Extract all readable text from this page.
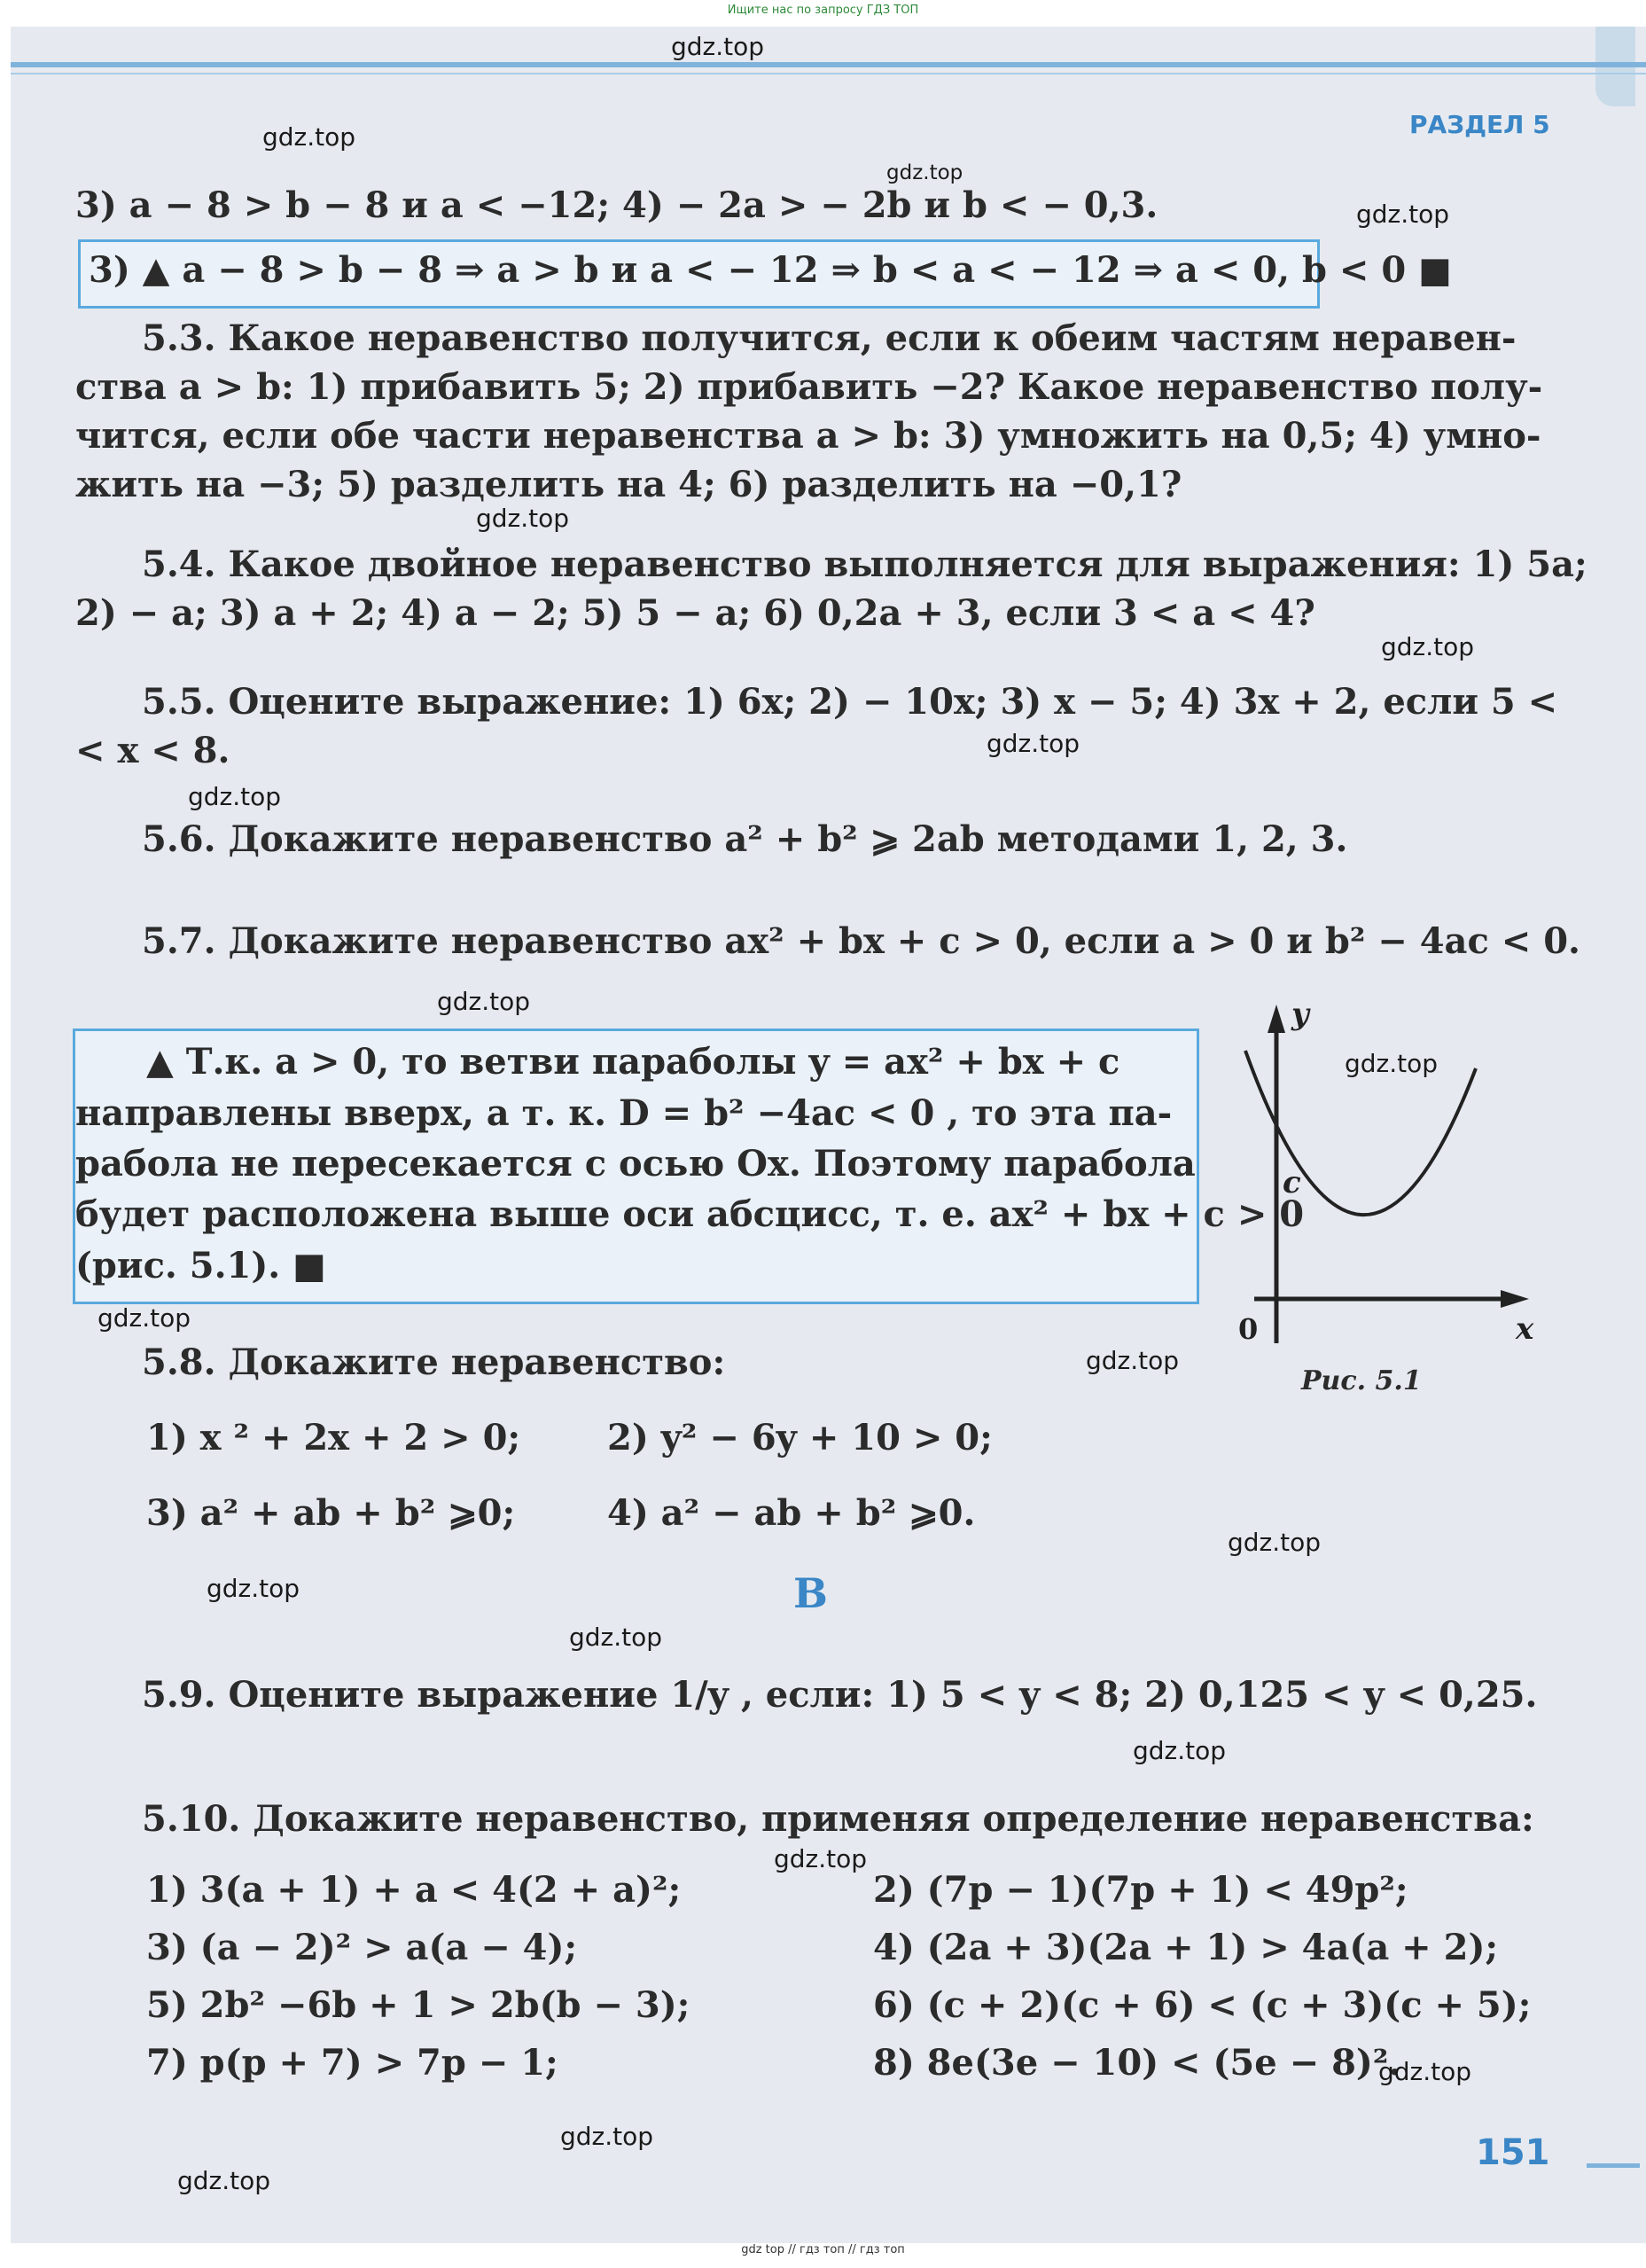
Ищите нас по запросу ГДЗ ТОП
РАЗДЕЛ 5
3) a − 8 > b − 8 и a < −12; 4) − 2a > − 2b и b < − 0,3.
3) ▲ a − 8 > b − 8 ⇒ a > b и a < − 12 ⇒ b < a < − 12 ⇒ a < 0, b < 0 ■
5.3. Какое неравенство получится, если к обеим частям неравен-
ства a > b: 1) прибавить 5; 2) прибавить −2? Какое неравенство полу-
чится, если обе части неравенства a > b: 3) умножить на 0,5; 4) умно-
жить на −3; 5) разделить на 4; 6) разделить на −0,1?
5.4. Какое двойное неравенство выполняется для выражения: 1) 5a;
2) − a; 3) a + 2; 4) a − 2; 5) 5 − a; 6) 0,2a + 3, если 3 < a < 4?
5.5. Оцените выражение: 1) 6x; 2) − 10x; 3) x − 5; 4) 3x + 2, если 5 <
< x < 8.
5.6. Докажите неравенство a² + b² ⩾ 2ab методами 1, 2, 3.
5.7. Докажите неравенство ax² + bx + c > 0, если a > 0 и b² − 4ac < 0.
▲ Т.к. a > 0, то ветви параболы y = ax² + bx + c
направлены вверх, а т. к. D = b² −4ac < 0 , то эта па-
рабола не пересекается с осью Ox. Поэтому парабола
будет расположена выше оси абсцисс, т. е. ax² + bx + c > 0
(рис. 5.1). ■
y
x
0
c
Рис. 5.1
5.8. Докажите неравенство:
1) x ² + 2x + 2 > 0;	2) y² − 6y + 10 > 0;
3) a² + ab + b² ⩾0;	4) a² − ab + b² ⩾0.
B
5.9. Оцените выражение 1/y , если: 1) 5 < y < 8; 2) 0,125 < y < 0,25.
5.10. Докажите неравенство, применяя определение неравенства:
1) 3(a + 1) + a < 4(2 + a)²;	2) (7p − 1)(7p + 1) < 49p²;
3) (a − 2)² > a(a − 4);	4) (2a + 3)(2a + 1) > 4a(a + 2);
5) 2b² −6b + 1 > 2b(b − 3);	6) (c + 2)(c + 6) < (c + 3)(c + 5);
7) p(p + 7) > 7p − 1;	8) 8e(3e − 10) < (5e − 8)².
151
gdz.top
gdz.top
gdz.top
gdz.top
gdz.top
gdz.top
gdz.top
gdz.top
gdz.top
gdz.top
gdz.top
gdz.top
gdz.top
gdz.top
gdz.top
gdz.top
gdz.top
gdz.top
gdz.top
gdz.top
gdz top // гдз топ // гдз топ
